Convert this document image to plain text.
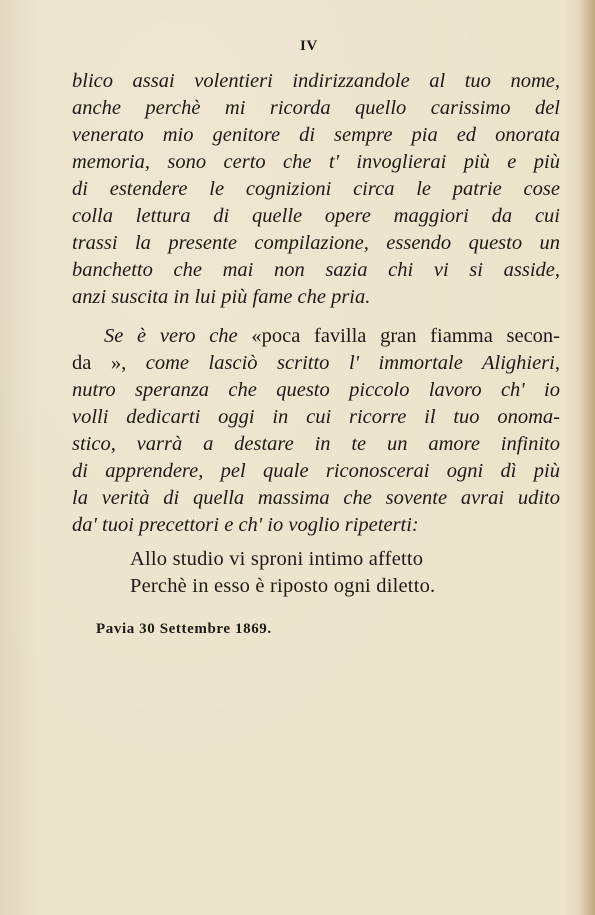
IV
blico assai volentieri indirizzandole al tuo nome,
anche perchè mi ricorda quello carissimo del
venerato mio genitore di sempre pia ed onorata
memoria, sono certo che t' invoglierai più e più
di estendere le cognizioni circa le patrie cose
colla lettura di quelle opere maggiori da cui
trassi la presente compilazione, essendo questo un
banchetto che mai non sazia chi vi si asside,
anzi suscita in lui più fame che pria.
Se è vero che «poca favilla gran fiamma secon-
da », come lasciò scritto l' immortale Alighieri,
nutro speranza che questo piccolo lavoro ch' io
volli dedicarti oggi in cui ricorre il tuo onoma-
stico, varrà a destare in te un amore infinito
di apprendere, pel quale riconoscerai ogni dì più
la verità di quella massima che sovente avrai udito
da' tuoi precettori e ch' io voglio ripeterti:
Allo studio vi sproni intimo affetto
Perchè in esso è riposto ogni diletto.
Pavia 30 Settembre 1869.
